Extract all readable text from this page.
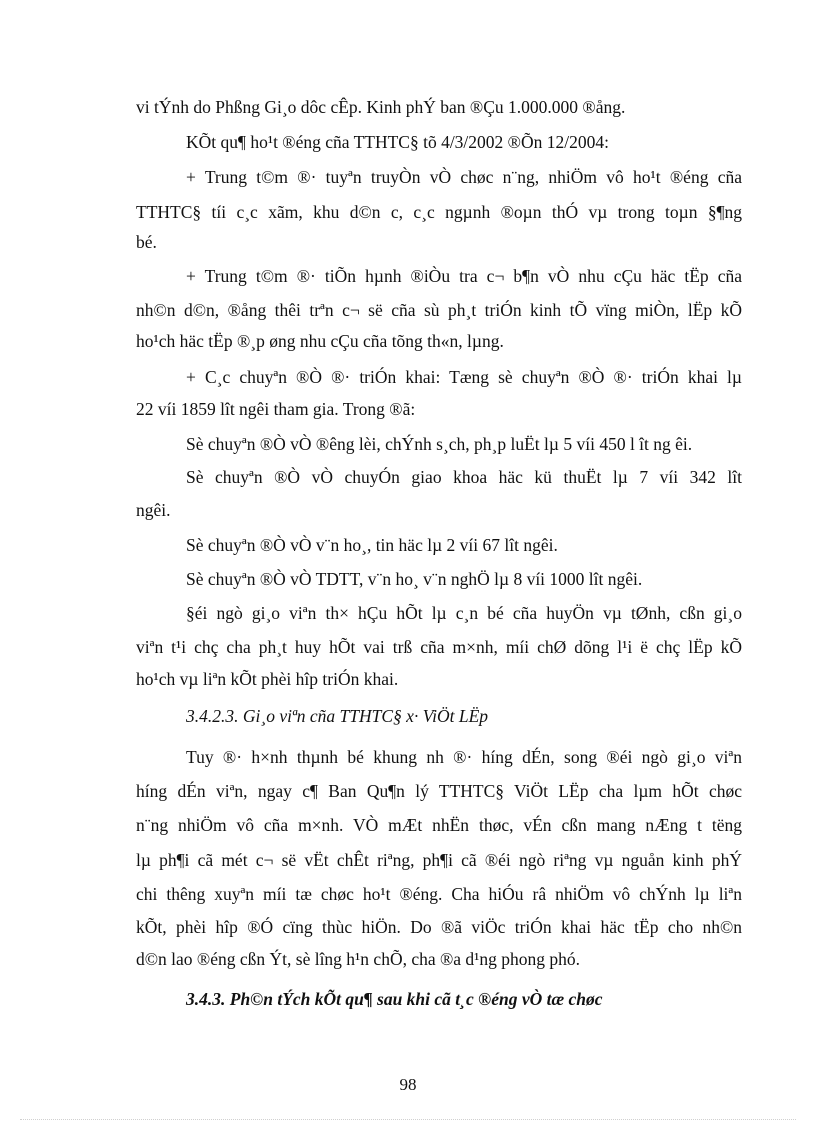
vi tÝnh do Phßng Gi¸o dôc cÊp. Kinh phÝ ban ®Çu 1.000.000 ®ång.
KÕt qu¶ ho¹t ®éng cña TTHTC§ tõ 4/3/2002 ®Õn 12/2004:
+ Trung t©m ®· tuyªn truyÒn vÒ chøc n¨ng, nhiÖm vô ho¹t ®éng cña
TTHTC§ tíi c¸c xãm, khu d©n c, c¸c ngµnh ®oµn thÓ vµ trong toµn §¶ng
bé.
+ Trung t©m ®· tiÕn hµnh ®iÒu tra c¬ b¶n vÒ nhu cÇu häc tËp cña
nh©n d©n, ®ång thêi trªn c¬ së cña sù ph¸t triÓn kinh tÕ vïng miÒn, lËp kÕ
ho¹ch häc tËp ®¸p øng nhu cÇu cña tõng th«n, lµng.
+ C¸c chuyªn ®Ò ®· triÓn khai: Tæng sè chuyªn ®Ò ®· triÓn khai lµ
22 víi 1859 lît ngêi tham gia. Trong ®ã:
Sè chuyªn ®Ò vÒ ®êng lèi, chÝnh s¸ch, ph¸p luËt lµ 5 víi 450 l ît ng êi.
Sè chuyªn ®Ò vÒ chuyÓn giao khoa häc kü thuËt lµ 7 víi 342 lît
ngêi.
Sè chuyªn ®Ò vÒ v¨n ho¸, tin häc lµ 2 víi 67 lît ngêi.
Sè chuyªn ®Ò vÒ TDTT, v¨n ho¸ v¨n nghÖ lµ 8 víi 1000 lît ngêi.
§éi ngò gi¸o viªn th× hÇu hÕt lµ c¸n bé cña huyÖn vµ tØnh, cßn gi¸o
viªn t¹i chç cha ph¸t huy hÕt vai trß cña m×nh, míi chØ dõng l¹i ë chç lËp kÕ
ho¹ch vµ liªn kÕt phèi hîp triÓn khai.
3.4.2.3. Gi¸o viªn cña TTHTC§ x· ViÖt LËp
Tuy ®· h×nh thµnh bé khung nh ®· híng dÉn, song ®éi ngò gi¸o viªn
híng dÉn viªn, ngay c¶ Ban Qu¶n lý TTHTC§ ViÖt LËp cha lµm hÕt chøc
n¨ng nhiÖm vô cña m×nh. VÒ mÆt nhËn thøc, vÉn cßn mang nÆng t tëng
lµ ph¶i cã mét c¬ së vËt chÊt riªng, ph¶i cã ®éi ngò riªng vµ nguån kinh phÝ
chi thêng xuyªn míi tæ chøc ho¹t ®éng. Cha hiÓu râ nhiÖm vô chÝnh lµ liªn
kÕt, phèi hîp ®Ó cïng thùc hiÖn. Do ®ã viÖc triÓn khai häc tËp cho nh©n
d©n lao ®éng cßn Ýt, sè lîng h¹n chÕ, cha ®a d¹ng phong phó.
3.4.3. Ph©n tÝch kÕt qu¶ sau khi cã t¸c ®éng vÒ tæ chøc
98
